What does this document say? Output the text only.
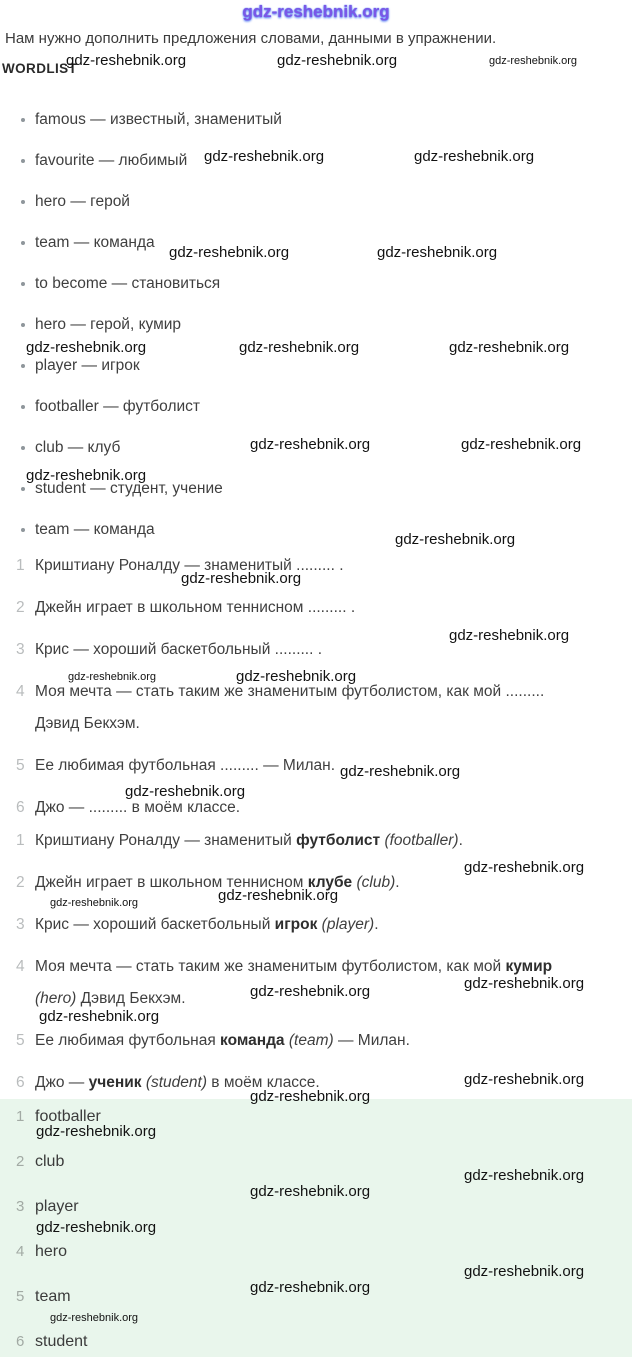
Нам нужно дополнить предложения словами, данными в упражнении.

WORDLIST
famous — известный, знаменитый
favourite — любимый
hero — герой
team — команда
to become — становиться
hero — герой, кумир
player — игрок
footballer — футболист
club — клуб
student — студент, учение
team — команда
1 Криштиану Роналду — знаменитый ......... .
2 Джейн играет в школьном теннисном ......... .
3 Крис — хороший баскетбольный ......... .
4 Моя мечта — стать таким же знаменитым футболистом, как мой .........
Дэвид Бекхэм.
5 Ее любимая футбольная ......... — Милан.
6 Джо — ......... в моём классе.
1 Криштиану Роналду — знаменитый футболист (footballer).
2 Джейн играет в школьном теннисном клубе (club).
3 Крис — хороший баскетбольный игрок (player).
4 Моя мечта — стать таким же знаменитым футболистом, как мой кумир
(hero) Дэвид Бекхэм.
5 Ее любимая футбольная команда (team) — Милан.
6 Джо — ученик (student) в моём классе.
1 footballer
2 club
3 player
4 hero
5 team
6 student
gdz-reshebnik.org
gdz-reshebnik.org	gdz-reshebnik.org	gdz-reshebnik.org
gdz-reshebnik.org	gdz-reshebnik.org
gdz-reshebnik.org	gdz-reshebnik.org
gdz-reshebnik.org	gdz-reshebnik.org	gdz-reshebnik.org
gdz-reshebnik.org	gdz-reshebnik.org
gdz-reshebnik.org
gdz-reshebnik.org
gdz-reshebnik.org
gdz-reshebnik.org
gdz-reshebnik.org
gdz-reshebnik.org
gdz-reshebnik.org
gdz-reshebnik.org
gdz-reshebnik.org
gdz-reshebnik.org
gdz-reshebnik.org
gdz-reshebnik.org
gdz-reshebnik.org
gdz-reshebnik.org
gdz-reshebnik.org
gdz-reshebnik.org
gdz-reshebnik.org
gdz-reshebnik.org
gdz-reshebnik.org
gdz-reshebnik.org
gdz-reshebnik.org
gdz-reshebnik.org
gdz-reshebnik.org
